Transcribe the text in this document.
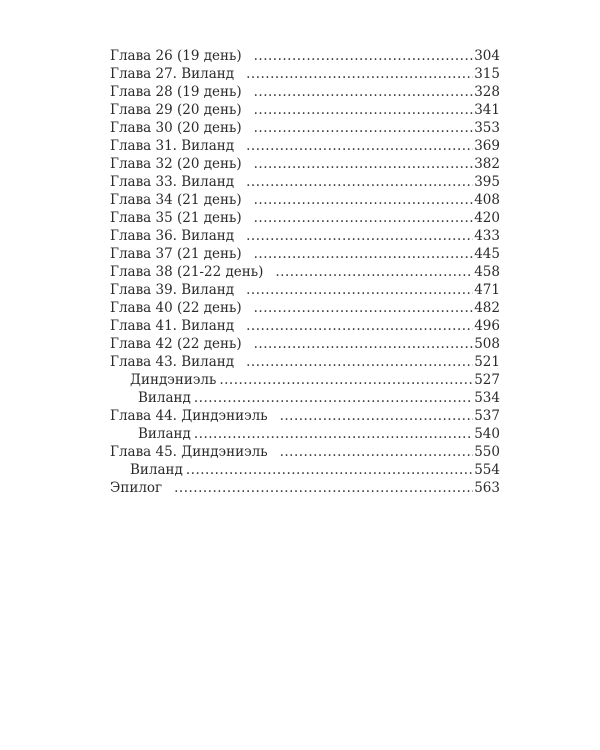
Глава 26 (19 день) .....	304
Глава 27. Виланд .....	315
Глава 28 (19 день) .....	328
Глава 29 (20 день) .....	341
Глава 30 (20 день) .....	353
Глава 31. Виланд .....	369
Глава 32 (20 день) .....	382
Глава 33. Виланд .....	395
Глава 34 (21 день) .....	408
Глава 35 (21 день) .....	420
Глава 36. Виланд .....	433
Глава 37 (21 день) .....	445
Глава 38 (21-22 день) .....	458
Глава 39. Виланд .....	471
Глава 40 (22 день) .....	482
Глава 41. Виланд .....	496
Глава 42 (22 день) .....	508
Глава 43. Виланд .....	521
Диндэниэль .....	527
Виланд .....	534
Глава 44. Диндэниэль .....	537
Виланд .....	540
Глава 45. Диндэниэль .....	550
Виланд .....	554
Эпилог .....	563
